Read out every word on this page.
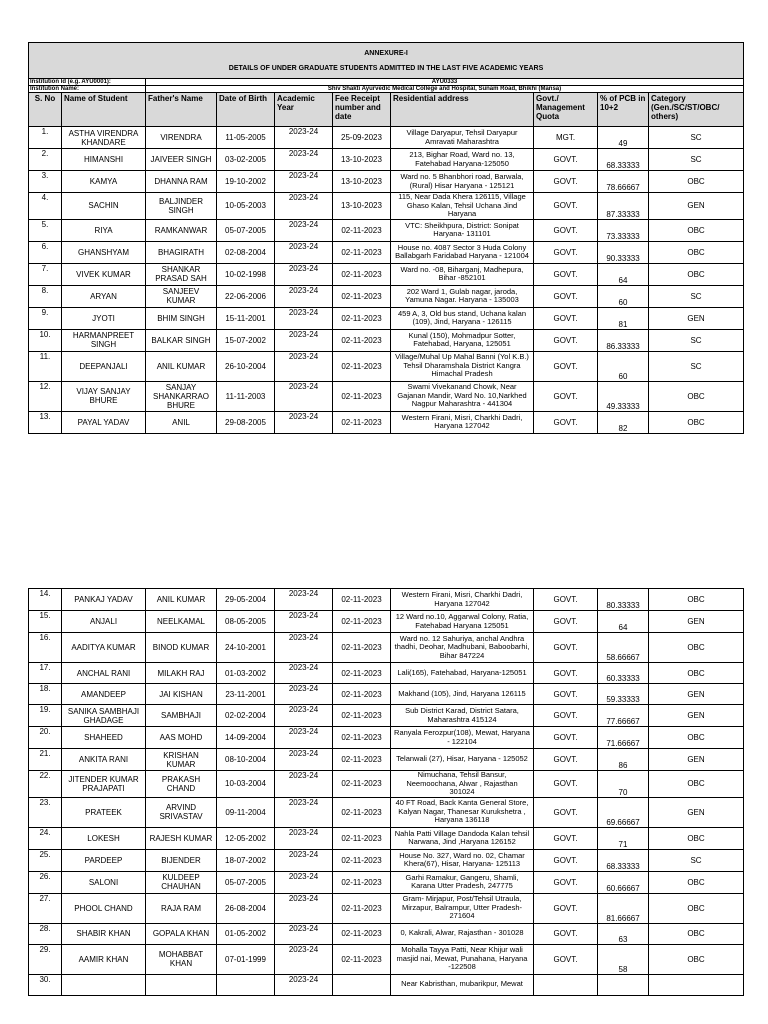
ANNEXURE-I
DETAILS OF UNDER GRADUATE STUDENTS ADMITTED IN THE LAST FIVE ACADEMIC YEARS									

Institution Id (e.g. AYU0001):		AYU0333							
Institution Name:		Shiv Shakti Ayurvedic Medical College and Hospital, Sunam Road, Bhikhi (Mansa)							
S. No	Name of Student	Father's Name	Date of Birth	Academic Year	Fee Receipt number and date	Residential address	Govt./ Management Quota	% of PCB in 10+2	Category (Gen./SC/ST/OBC/ others)
1.	ASTHA VIRENDRA KHANDARE	VIRENDRA	11-05-2005	2023-24	25-09-2023	Village Daryapur, Tehsil Daryapur Amravati Maharashtra	MGT.	49	SC
2.	HIMANSHI	JAIVEER SINGH	03-02-2005	2023-24	13-10-2023	213, Bighar Road, Ward no. 13, Fatehabad Haryana-125050	GOVT.	68.33333	SC
3.	KAMYA	DHANNA RAM	19-10-2002	2023-24	13-10-2023	Ward no. 5 Bhanbhori road, Barwala, (Rural) Hisar Haryana - 125121	GOVT.	78.66667	OBC
4.	SACHIN	BALJINDER SINGH	10-05-2003	2023-24	13-10-2023	115, Near Dada Khera 126115, Village Ghaso Kalan, Tehsil Uchana Jind Haryana	GOVT.	87.33333	GEN
5.	RIYA	RAMKANWAR	05-07-2005	2023-24	02-11-2023	VTC: Sheikhpura, District: Sonipat Haryana- 131101	GOVT.	73.33333	OBC
6.	GHANSHYAM	BHAGIRATH	02-08-2004	2023-24	02-11-2023	House no. 4087 Sector 3 Huda Colony Ballabgarh Faridabad Haryana - 121004	GOVT.	90.33333	OBC
7.	VIVEK KUMAR	SHANKAR PRASAD SAH	10-02-1998	2023-24	02-11-2023	Ward no. -08, Biharganj, Madhepura, Bihar -852101	GOVT.	64	OBC
8.	ARYAN	SANJEEV KUMAR	22-06-2006	2023-24	02-11-2023	202 Ward 1, Gulab nagar, jaroda, Yamuna Nagar. Haryana - 135003	GOVT.	60	SC
9.	JYOTI	BHIM SINGH	15-11-2001	2023-24	02-11-2023	459 A, 3, Old bus stand, Uchana kalan (109), Jind, Haryana - 126115	GOVT.	81	GEN
10.	HARMANPREET SINGH	BALKAR SINGH	15-07-2002	2023-24	02-11-2023	Kunal (150), Mohmadpur Sotter, Fatehabad, Haryana, 125051	GOVT.	86.33333	SC
11.	DEEPANJALI	ANIL KUMAR	26-10-2004	2023-24	02-11-2023	Village/Muhal Up Mahal Banni (Yol K.B.) Tehsil Dharamshala District Kangra Himachal Pradesh	GOVT.	60	SC
12.	VIJAY SANJAY BHURE	SANJAY SHANKARRAO BHURE	11-11-2003	2023-24	02-11-2023	Swami Vivekanand Chowk, Near Gajanan Mandir, Ward No. 10,Narkhed Nagpur Maharashtra - 441304	GOVT.	49.33333	OBC
13.	PAYAL YADAV	ANIL	29-08-2005	2023-24	02-11-2023	Western Firani, Misri, Charkhi Dadri, Haryana 127042	GOVT.	82	OBC
14.	PANKAJ YADAV	ANIL KUMAR	29-05-2004	2023-24	02-11-2023	Western Firani, Misri, Charkhi Dadri, Haryana 127042	GOVT.	80.33333	OBC
15.	ANJALI	NEELKAMAL	08-05-2005	2023-24	02-11-2023	12 Ward no.10, Aggarwal Colony, Ratia, Fatehabad Haryana 125051	GOVT.	64	GEN
16.	AADITYA KUMAR	BINOD KUMAR	24-10-2001	2023-24	02-11-2023	Ward no. 12 Sahuriya, anchal Andhra thadhi, Deohar, Madhubani, Baboobarhi, Bihar 847224	GOVT.	58.66667	OBC
17.	ANCHAL RANI	MILAKH RAJ	01-03-2002	2023-24	02-11-2023	Lali(165), Fatehabad, Haryana-125051	GOVT.	60.33333	OBC
18.	AMANDEEP	JAI KISHAN	23-11-2001	2023-24	02-11-2023	Makhand (105), Jind, Haryana 126115	GOVT.	59.33333	GEN
19.	SANIKA SAMBHAJI GHADAGE	SAMBHAJI	02-02-2004	2023-24	02-11-2023	Sub District Karad, District Satara, Maharashtra 415124	GOVT.	77.66667	GEN
20.	SHAHEED	AAS MOHD	14-09-2004	2023-24	02-11-2023	Ranyala Ferozpur(108), Mewat, Haryana - 122104	GOVT.	71.66667	OBC
21.	ANKITA RANI	KRISHAN KUMAR	08-10-2004	2023-24	02-11-2023	Telanwali (27), Hisar, Haryana - 125052	GOVT.	86	GEN
22.	JITENDER KUMAR PRAJAPATI	PRAKASH CHAND	10-03-2004	2023-24	02-11-2023	Nimuchana, Tehsil Bansur, Neemoochana, Alwar , Rajasthan 301024	GOVT.	70	OBC
23.	PRATEEK	ARVIND SRIVASTAV	09-11-2004	2023-24	02-11-2023	40 FT Road, Back Kanta General Store, Kalyan Nagar, Thanesar Kurukshetra , Haryana 136118	GOVT.	69.66667	GEN
24.	LOKESH	RAJESH KUMAR	12-05-2002	2023-24	02-11-2023	Nahla Patti Village Dandoda Kalan tehsil Narwana, Jind ,Haryana 126152	GOVT.	71	OBC
25.	PARDEEP	BIJENDER	18-07-2002	2023-24	02-11-2023	House No. 327, Ward no. 02, Chamar Khera(67), Hisar, Haryana- 125113	GOVT.	68.33333	SC
26.	SALONI	KULDEEP CHAUHAN	05-07-2005	2023-24	02-11-2023	Garhi Ramakur, Gangeru, Shamli, Karana Utter Pradesh, 247775	GOVT.	60.66667	OBC
27.	PHOOL CHAND	RAJA RAM	26-08-2004	2023-24	02-11-2023	Gram- Mirjapur, Post/Tehsil Utraula, Mirzapur, Balrampur, Utter Pradesh- 271604	GOVT.	81.66667	OBC
28.	SHABIR KHAN	GOPALA KHAN	01-05-2002	2023-24	02-11-2023	0, Kakrali, Alwar, Rajasthan - 301028	GOVT.	63	OBC
29.	AAMIR KHAN	MOHABBAT KHAN	07-01-1999	2023-24	02-11-2023	Mohalla Tayya Patti, Near Khijur wali masjid nai, Mewat, Punahana, Haryana -122508	GOVT.	58	OBC
30.				2023-24		Near Kabristhan, mubarikpur, Mewat			
